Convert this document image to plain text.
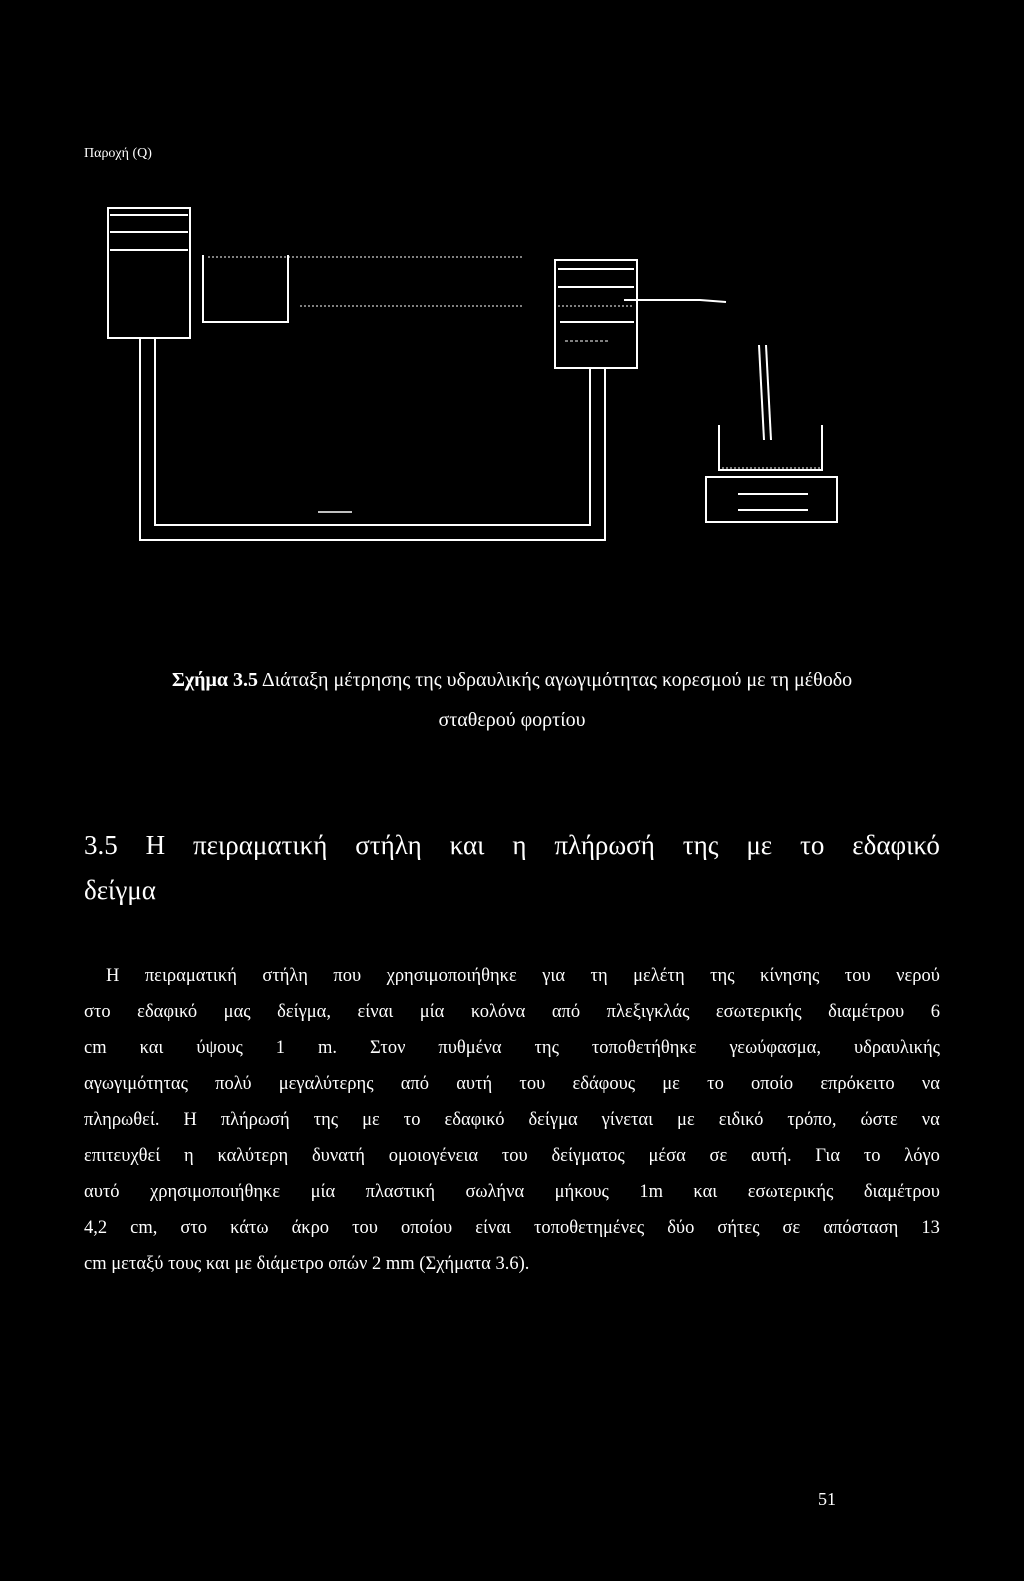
Παροχή (Q)
Σχήμα 3.5 Διάταξη μέτρησης της υδραυλικής αγωγιμότητας κορεσμού με τη μέθοδο
σταθερού φορτίου
3.5 Η πειραματική στήλη και η πλήρωσή της με το εδαφικό
δείγμα
Η πειραματική στήλη που χρησιμοποιήθηκε για τη μελέτη της κίνησης του νερού
στο εδαφικό μας δείγμα, είναι μία κολόνα από πλεξιγκλάς εσωτερικής διαμέτρου 6
cm και ύψους 1 m. Στον πυθμένα της τοποθετήθηκε γεωύφασμα, υδραυλικής
αγωγιμότητας πολύ μεγαλύτερης από αυτή του εδάφους με το οποίο επρόκειτο να
πληρωθεί. Η πλήρωσή της με το εδαφικό δείγμα γίνεται με ειδικό τρόπο, ώστε να
επιτευχθεί η καλύτερη δυνατή ομοιογένεια του δείγματος μέσα σε αυτή. Για το λόγο
αυτό χρησιμοποιήθηκε μία πλαστική σωλήνα μήκους 1m και εσωτερικής διαμέτρου
4,2 cm, στο κάτω άκρο του οποίου είναι τοποθετημένες δύο σήτες σε απόσταση 13
cm μεταξύ τους και με διάμετρο οπών 2 mm (Σχήματα 3.6).
51
